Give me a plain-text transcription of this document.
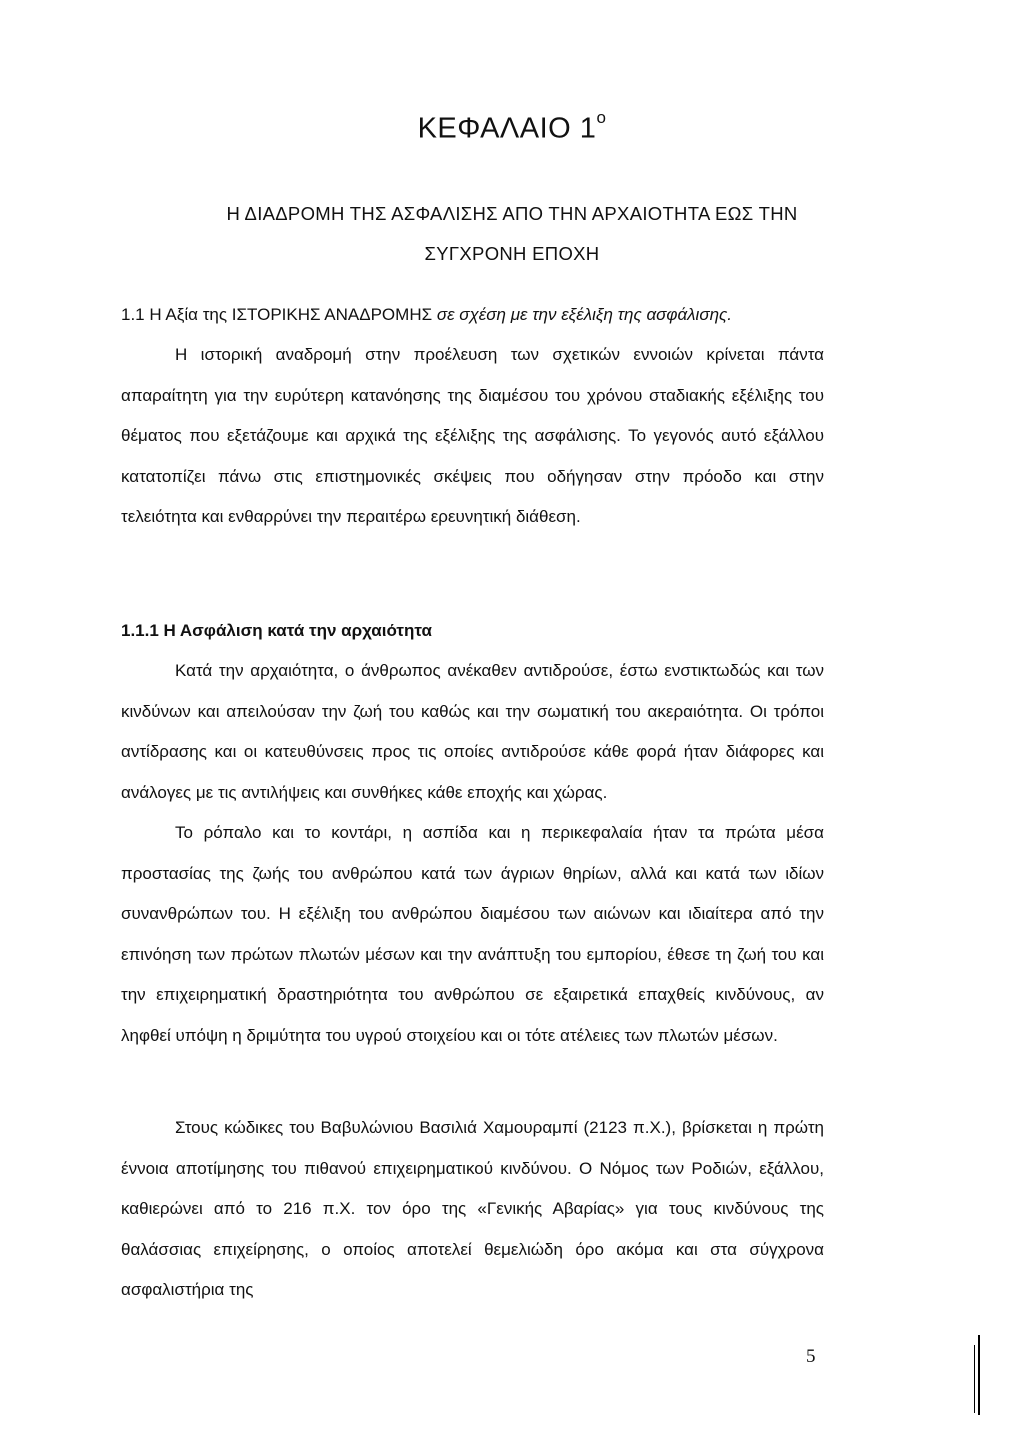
ΚΕΦΑΛΑΙΟ $1^o$
Η ΔΙΑΔΡΟΜΗ ΤΗΣ ΑΣΦΑΛΙΣΗΣ ΑΠΟ ΤΗΝ ΑΡΧΑΙΟΤΗΤΑ ΕΩΣ ΤΗΝ
ΣΥΓΧΡΟΝΗ ΕΠΟΧΗ

1.1 Η Αξία της ΙΣΤΟΡΙΚΗΣ ΑΝΑΔΡΟΜΗΣ σε σχέση με την εξέλιξη της ασφάλισης.

Η ιστορική αναδρομή στην προέλευση των σχετικών εννοιών κρίνεται πάντα απαραίτητη για την ευρύτερη κατανόησης της διαμέσου του χρόνου σταδιακής εξέλιξης του θέματος που εξετάζουμε και αρχικά της εξέλιξης της ασφάλισης. Το γεγονός αυτό εξάλλου κατατοπίζει πάνω στις επιστημονικές σκέψεις που οδήγησαν στην πρόοδο και στην τελειότητα και ενθαρρύνει την περαιτέρω ερευνητική διάθεση.

1.1.1 Η Ασφάλιση κατά την αρχαιότητα

Κατά την αρχαιότητα, ο άνθρωπος ανέκαθεν αντιδρούσε, έστω ενστικτωδώς και των κινδύνων και απειλούσαν την ζωή του καθώς και την σωματική του ακεραιότητα. Οι τρόποι αντίδρασης και οι κατευθύνσεις προς τις οποίες αντιδρούσε κάθε φορά ήταν διάφορες και ανάλογες με τις αντιλήψεις και συνθήκες κάθε εποχής και χώρας.

Το ρόπαλο και το κοντάρι, η ασπίδα και η περικεφαλαία ήταν τα πρώτα μέσα προστασίας της ζωής του ανθρώπου κατά των άγριων θηρίων, αλλά και κατά των ιδίων συνανθρώπων του. Η εξέλιξη του ανθρώπου διαμέσου των αιώνων και ιδιαίτερα από την επινόηση των πρώτων πλωτών μέσων και την ανάπτυξη του εμπορίου, έθεσε τη ζωή του και την επιχειρηματική δραστηριότητα του ανθρώπου σε εξαιρετικά επαχθείς κινδύνους, αν ληφθεί υπόψη η δριμύτητα του υγρού στοιχείου και οι τότε ατέλειες των πλωτών μέσων.

Στους κώδικες του Βαβυλώνιου Βασιλιά Χαμουραμπί (2123 π.Χ.), βρίσκεται η πρώτη έννοια αποτίμησης του πιθανού επιχειρηματικού κινδύνου. Ο Νόμος των Ροδιών, εξάλλου, καθιερώνει από το 216 π.Χ. τον όρο της «Γενικής Αβαρίας» για τους κινδύνους της θαλάσσιας επιχείρησης, ο οποίος αποτελεί θεμελιώδη όρο ακόμα και στα σύγχρονα ασφαλιστήρια της

5
